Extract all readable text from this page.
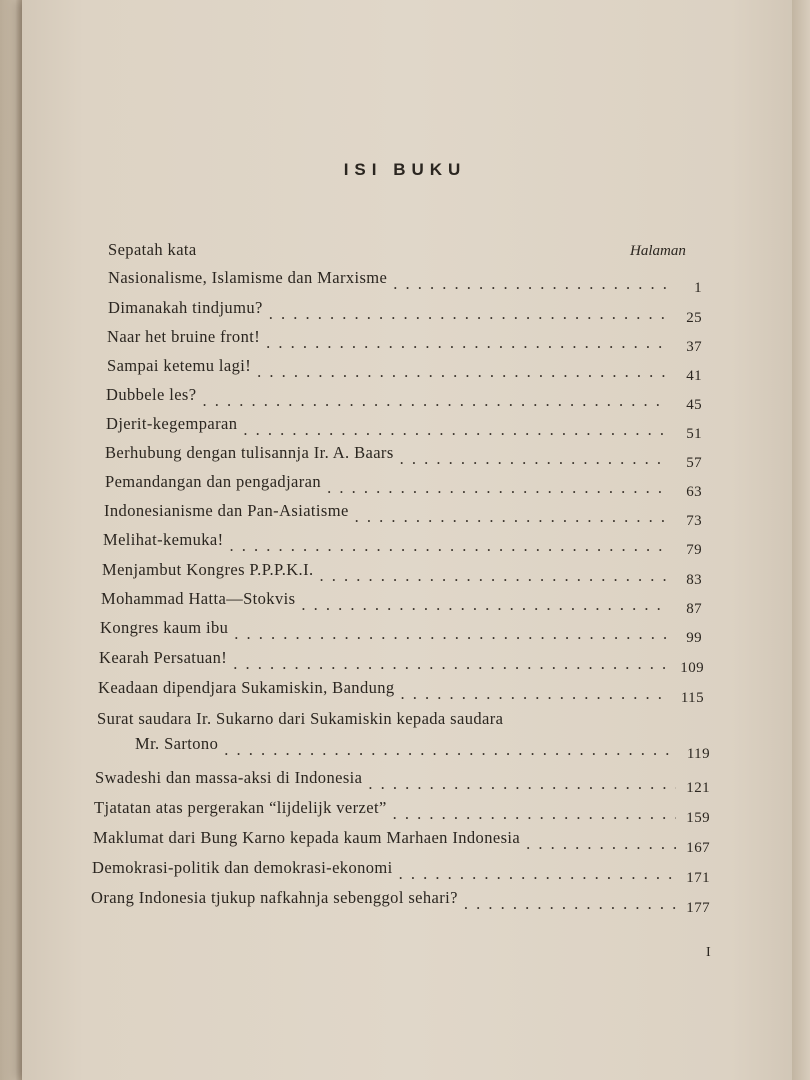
ISI BUKU
Halaman
Sepatah kata
Nasionalisme, Islamisme dan Marxisme
. . .
1
Dimanakah tindjumu?
. . .
25
Naar het bruine front!
. . .
37
Sampai ketemu lagi!
. . .
41
Dubbele les?
. . .
45
Djerit-kegemparan
. . .
51
Berhubung dengan tulisannja Ir. A. Baars
. . .
57
Pemandangan dan pengadjaran
. . .
63
Indonesianisme dan Pan-Asiatisme
. . .
73
Melihat-kemuka!
. . .
79
Menjambut Kongres P.P.P.K.I.
. . .
83
Mohammad Hatta—Stokvis
. . .
87
Kongres kaum ibu
. . .
99
Kearah Persatuan!
. . .
109
Keadaan dipendjara Sukamiskin, Bandung
. . .
115
Surat saudara Ir. Sukarno dari Sukamiskin kepada saudara
Mr. Sartono
. . .
119
Swadeshi dan massa-aksi di Indonesia
. . .
121
Tjatatan atas pergerakan “lijdelijk verzet”
. . .
159
Maklumat dari Bung Karno kepada kaum Marhaen Indonesia
. . .
167
Demokrasi-politik dan demokrasi-ekonomi
. . .
171
Orang Indonesia tjukup nafkahnja sebenggol sehari?
. . .
177
I
